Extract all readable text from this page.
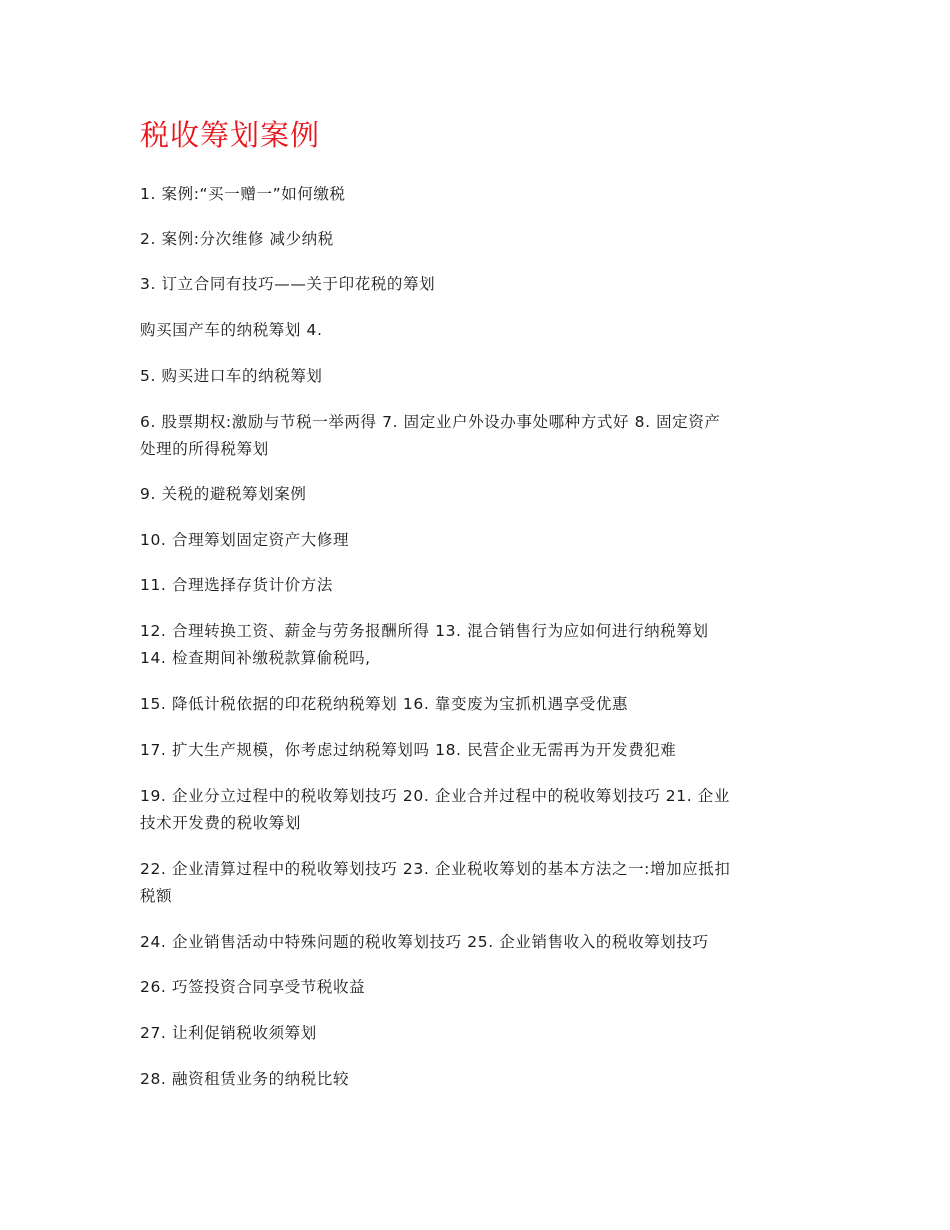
税收筹划案例
1. 案例:“买一赠一”如何缴税
2. 案例:分次维修 减少纳税
3. 订立合同有技巧——关于印花税的筹划
购买国产车的纳税筹划 4.
5. 购买进口车的纳税筹划
6. 股票期权:激励与节税一举两得 7. 固定业户外设办事处哪种方式好 8. 固定资产
处理的所得税筹划
9. 关税的避税筹划案例
10. 合理筹划固定资产大修理
11. 合理选择存货计价方法
12. 合理转换工资、薪金与劳务报酬所得 13. 混合销售行为应如何进行纳税筹划
14. 检查期间补缴税款算偷税吗,
15. 降低计税依据的印花税纳税筹划 16. 靠变废为宝抓机遇享受优惠
17. 扩大生产规模，你考虑过纳税筹划吗 18. 民营企业无需再为开发费犯难
19. 企业分立过程中的税收筹划技巧 20. 企业合并过程中的税收筹划技巧 21. 企业
技术开发费的税收筹划
22. 企业清算过程中的税收筹划技巧 23. 企业税收筹划的基本方法之一:增加应抵扣
税额
24. 企业销售活动中特殊问题的税收筹划技巧 25. 企业销售收入的税收筹划技巧
26. 巧签投资合同享受节税收益
27. 让利促销税收须筹划
28. 融资租赁业务的纳税比较
